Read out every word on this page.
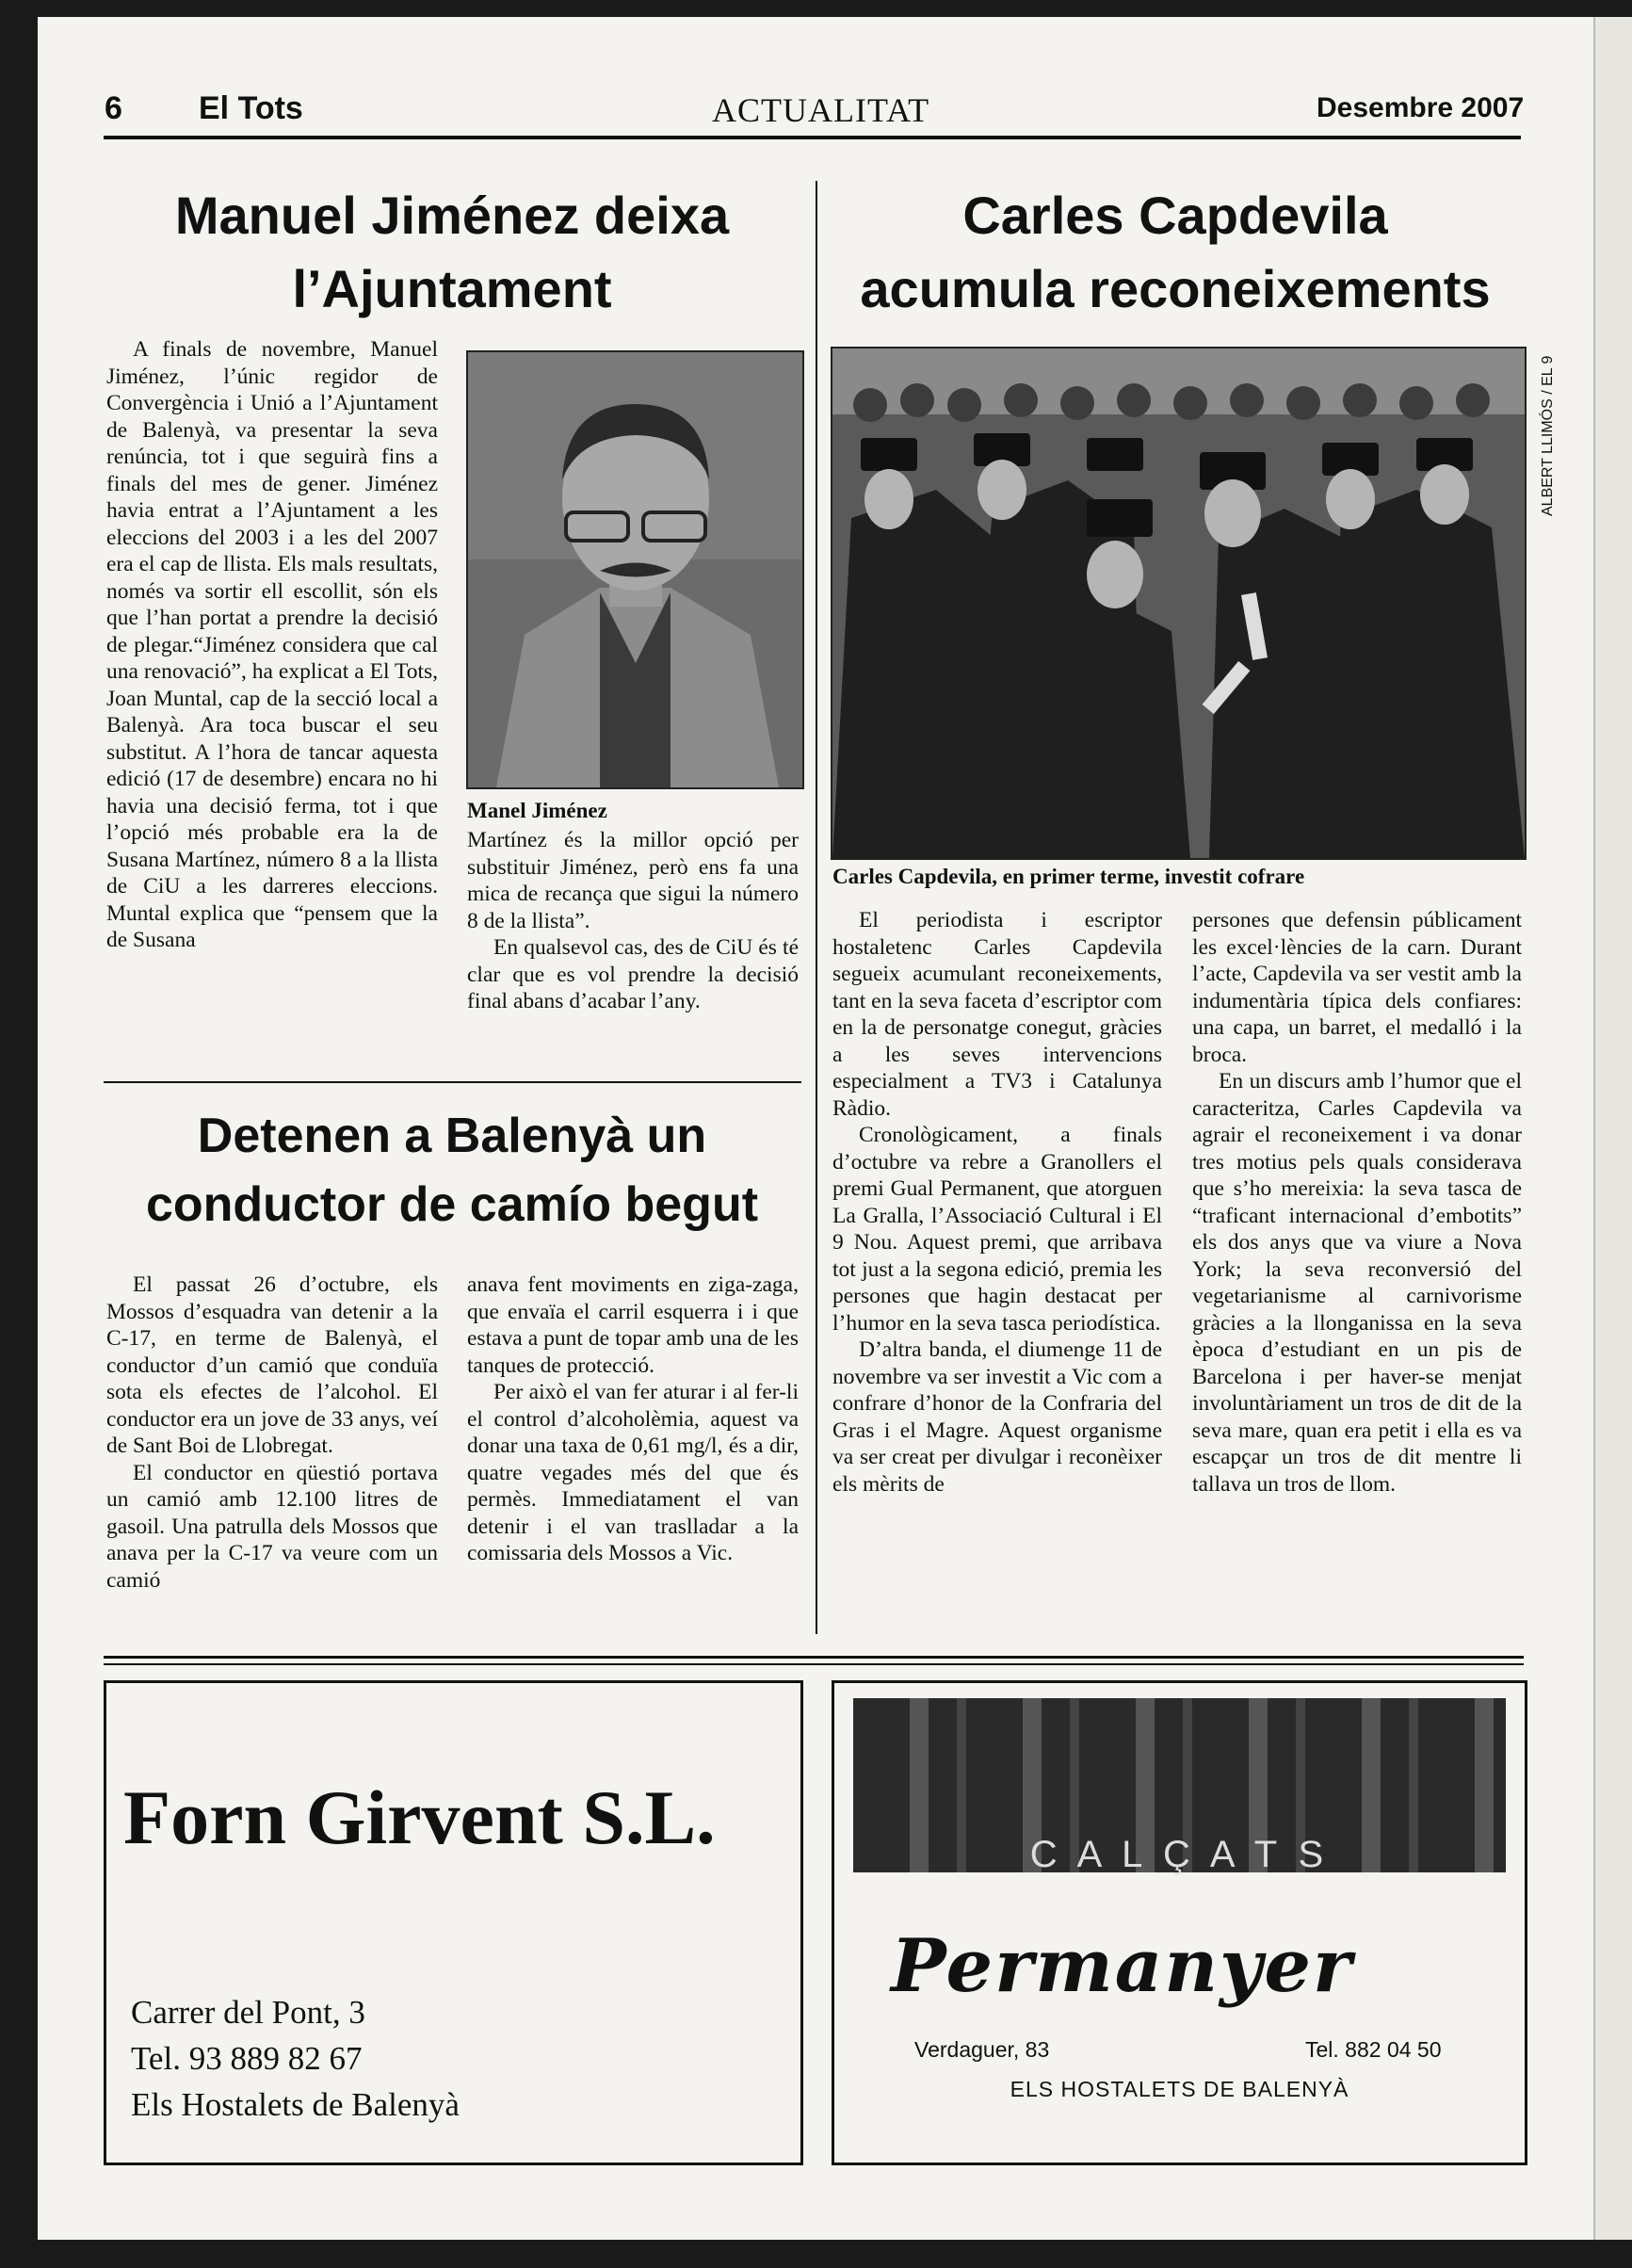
6 El Tots	ACTUALITAT	Desembre 2007
Manuel Jiménez deixa
l’Ajuntament

A finals de novembre, Manuel Jiménez, l’únic regidor de Convergència i Unió a l’Ajuntament de Balenyà, va presentar la seva renúncia, tot i que seguirà fins a finals del mes de gener. Jiménez havia entrat a l’Ajuntament a les eleccions del 2003 i a les del 2007 era el cap de llista. Els mals resultats, només va sortir ell escollit, són els que l’han portat a prendre la decisió de plegar.“Jiménez considera que cal una renovació”, ha explicat a El Tots, Joan Muntal, cap de la secció local a Balenyà. Ara toca buscar el seu substitut. A l’hora de tancar aquesta edició (17 de desembre) encara no hi havia una decisió ferma, tot i que l’opció més probable era la de Susana Martínez, número 8 a la llista de CiU a les darreres eleccions. Muntal explica que “pensem que la de Susana

Manel Jiménez

Martínez és la millor opció per substituir Jiménez, però ens fa una mica de recança que sigui la número 8 de la llista”.

En qualsevol cas, des de CiU és té clar que es vol prendre la decisió final abans d’acabar l’any.

Detenen a Balenyà un
conductor de camío begut

El passat 26 d’octubre, els Mossos d’esquadra van detenir a la C-17, en terme de Balenyà, el conductor d’un camió que conduïa sota els efectes de l’alcohol. El conductor era un jove de 33 anys, veí de Sant Boi de Llobregat.

El conductor en qüestió portava un camió amb 12.100 litres de gasoil. Una patrulla dels Mossos que anava per la C-17 va veure com un camió

anava fent moviments en ziga-zaga, que envaïa el carril esquerra i i que estava a punt de topar amb una de les tanques de protecció.

Per això el van fer aturar i al fer-li el control d’alcoholèmia, aquest va donar una taxa de 0,61 mg/l, és a dir, quatre vegades més del que és permès. Immediatament el van detenir i el van traslladar a la comissaria dels Mossos a Vic.

Carles Capdevila
acumula reconeixements
ALBERT LLIMÓS / EL 9
Carles Capdevila, en primer terme, investit cofrare

El periodista i escriptor hostaletenc Carles Capdevila segueix acumulant reconeixements, tant en la seva faceta d’escriptor com en la de personatge conegut, gràcies a les seves intervencions especialment a TV3 i Catalunya Ràdio.

Cronològicament, a finals d’octubre va rebre a Granollers el premi Gual Permanent, que atorguen La Gralla, l’Associació Cultural i El 9 Nou. Aquest premi, que arribava tot just a la segona edició, premia les persones que hagin destacat per l’humor en la seva tasca periodística.

D’altra banda, el diumenge 11 de novembre va ser investit a Vic com a confrare d’honor de la Confraria del Gras i el Magre. Aquest organisme va ser creat per divulgar i reconèixer els mèrits de

persones que defensin públicament les excel·lències de la carn. Durant l’acte, Capdevila va ser vestit amb la indumentària típica dels confiares: una capa, un barret, el medalló i la broca.

En un discurs amb l’humor que el caracteritza, Carles Capdevila va agrair el reconeixement i va donar tres motius pels quals considerava que s’ho mereixia: la seva tasca de “traficant internacional d’embotits” els dos anys que va viure a Nova York; la seva reconversió del vegetarianisme al carnivorisme gràcies a la llonganissa en la seva època d’estudiant en un pis de Barcelona i per haver-se menjat involuntàriament un tros de dit de la seva mare, quan era petit i ella es va escapçar un tros de dit mentre li tallava un tros de llom.

Forn Girvent S.L.
Carrer del Pont, 3
Tel. 93 889 82 67
Els Hostalets de Balenyà
C A L Ç A T S
Permanyer
Verdaguer, 83	Tel. 882 04 50
ELS HOSTALETS DE BALENYÀ
